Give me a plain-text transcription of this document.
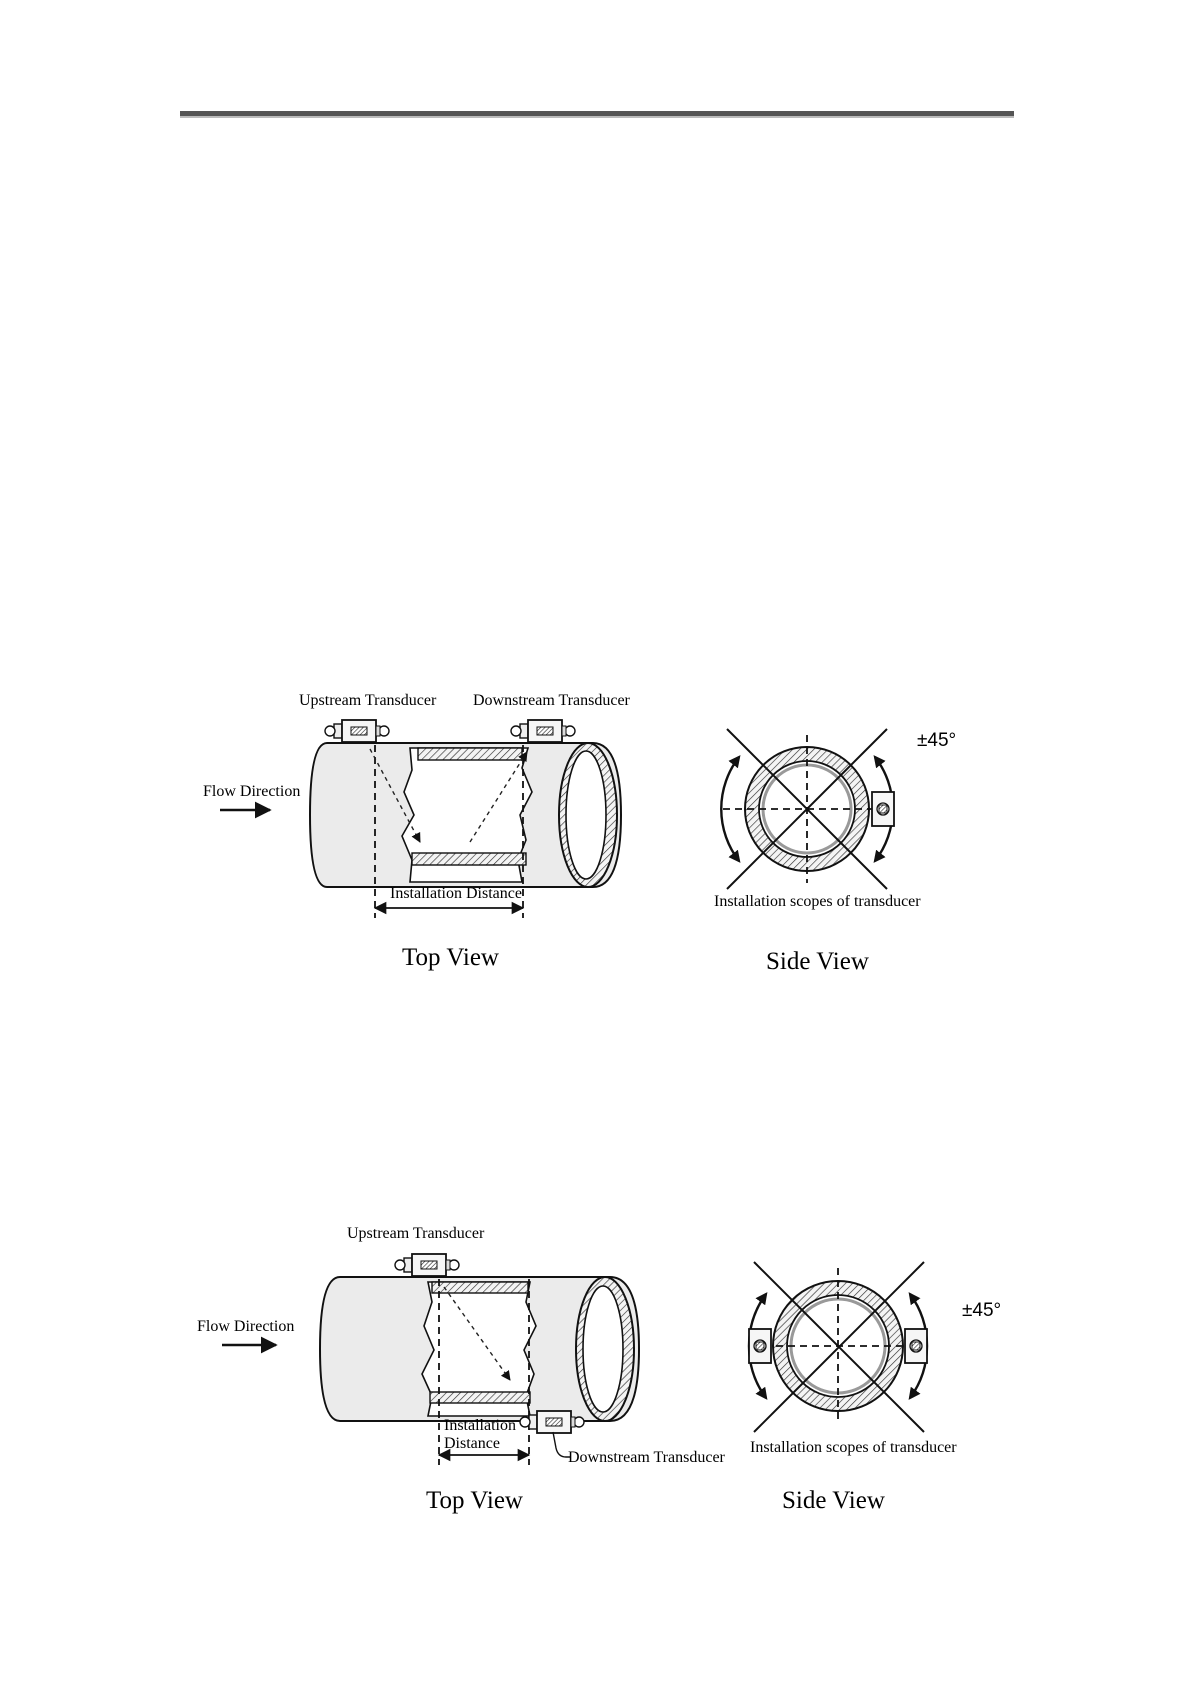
Upstream Transducer Downstream Transducer
Flow Direction
Installation Distance
Top View
±45°
Installation scopes of transducer
Side View
Upstream Transducer
Downstream Transducer
Flow Direction
Installation
Distance
Top View
±45°
Installation scopes of transducer
Side View
